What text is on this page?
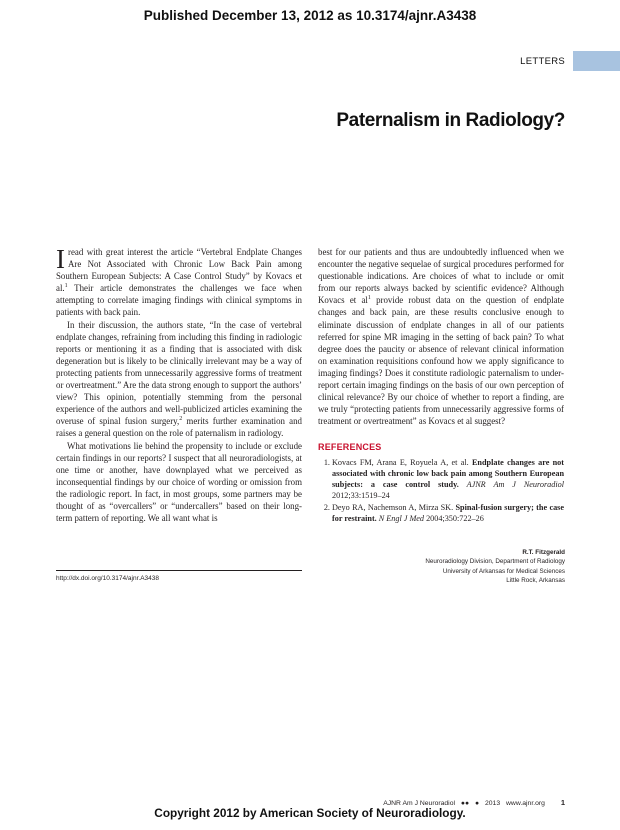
Published December 13, 2012 as 10.3174/ajnr.A3438
LETTERS
Paternalism in Radiology?

Iread with great interest the article “Vertebral Endplate Changes Are Not Associated with Chronic Low Back Pain among Southern European Subjects: A Case Control Study” by Kovacs et al.$^1$ Their article demonstrates the challenges we face when attempting to correlate imaging findings with clinical symptoms in patients with back pain.

In their discussion, the authors state, “In the case of vertebral endplate changes, refraining from including this finding in radiologic reports or mentioning it as a finding that is associated with disk degeneration but is likely to be clinically irrelevant may be a way of protecting patients from unnecessarily aggressive forms of treatment or overtreatment.” Are the data strong enough to support the authors’ view? This opinion, potentially stemming from the personal experience of the authors and well-publicized articles examining the overuse of spinal fusion surgery,$^2$ merits further examination and raises a general question on the role of paternalism in radiology.

What motivations lie behind the propensity to include or exclude certain findings in our reports? I suspect that all neuroradiologists, at one time or another, have downplayed what we perceived as inconsequential findings by our choice of wording or omission from the radiologic report. In fact, in most groups, some partners may be thought of as “overcallers” or “undercallers” based on their long-term pattern of reporting. We all want what is

best for our patients and thus are undoubtedly influenced when we encounter the negative sequelae of surgical procedures performed for questionable indications. Are choices of what to include or omit from our reports always backed by scientific evidence? Although Kovacs et $al^1$ provide robust data on the question of endplate changes and back pain, are these results conclusive enough to eliminate discussion of endplate changes in all of our patients referred for spine MR imaging in the setting of back pain? To what degree does the paucity or absence of relevant clinical information on examination requisitions confound how we apply significance to imaging findings? Does it constitute radiologic paternalism to under-report certain imaging findings on the basis of our own perception of clinical relevance? By our choice of whether to report a finding, are we truly “protecting patients from unnecessarily aggressive forms of treatment or overtreatment” as Kovacs et al suggest?

REFERENCES
1. Kovacs FM, Arana E, Royuela A, et al. Endplate changes are not associated with chronic low back pain among Southern European subjects: a case control study. AJNR Am J Neuroradiol 2012;33:1519–24
2. Deyo RA, Nachemson A, Mirza SK. Spinal-fusion surgery; the case for restraint. N Engl J Med 2004;350:722–26
R.T. Fitzgerald
Neuroradiology Division, Department of Radiology
University of Arkansas for Medical Sciences
Little Rock, Arkansas
http://dx.doi.org/10.3174/ajnr.A3438
AJNR Am J Neuroradiol ●● ● 2013 www.ajnr.org 1
Copyright 2012 by American Society of Neuroradiology.
